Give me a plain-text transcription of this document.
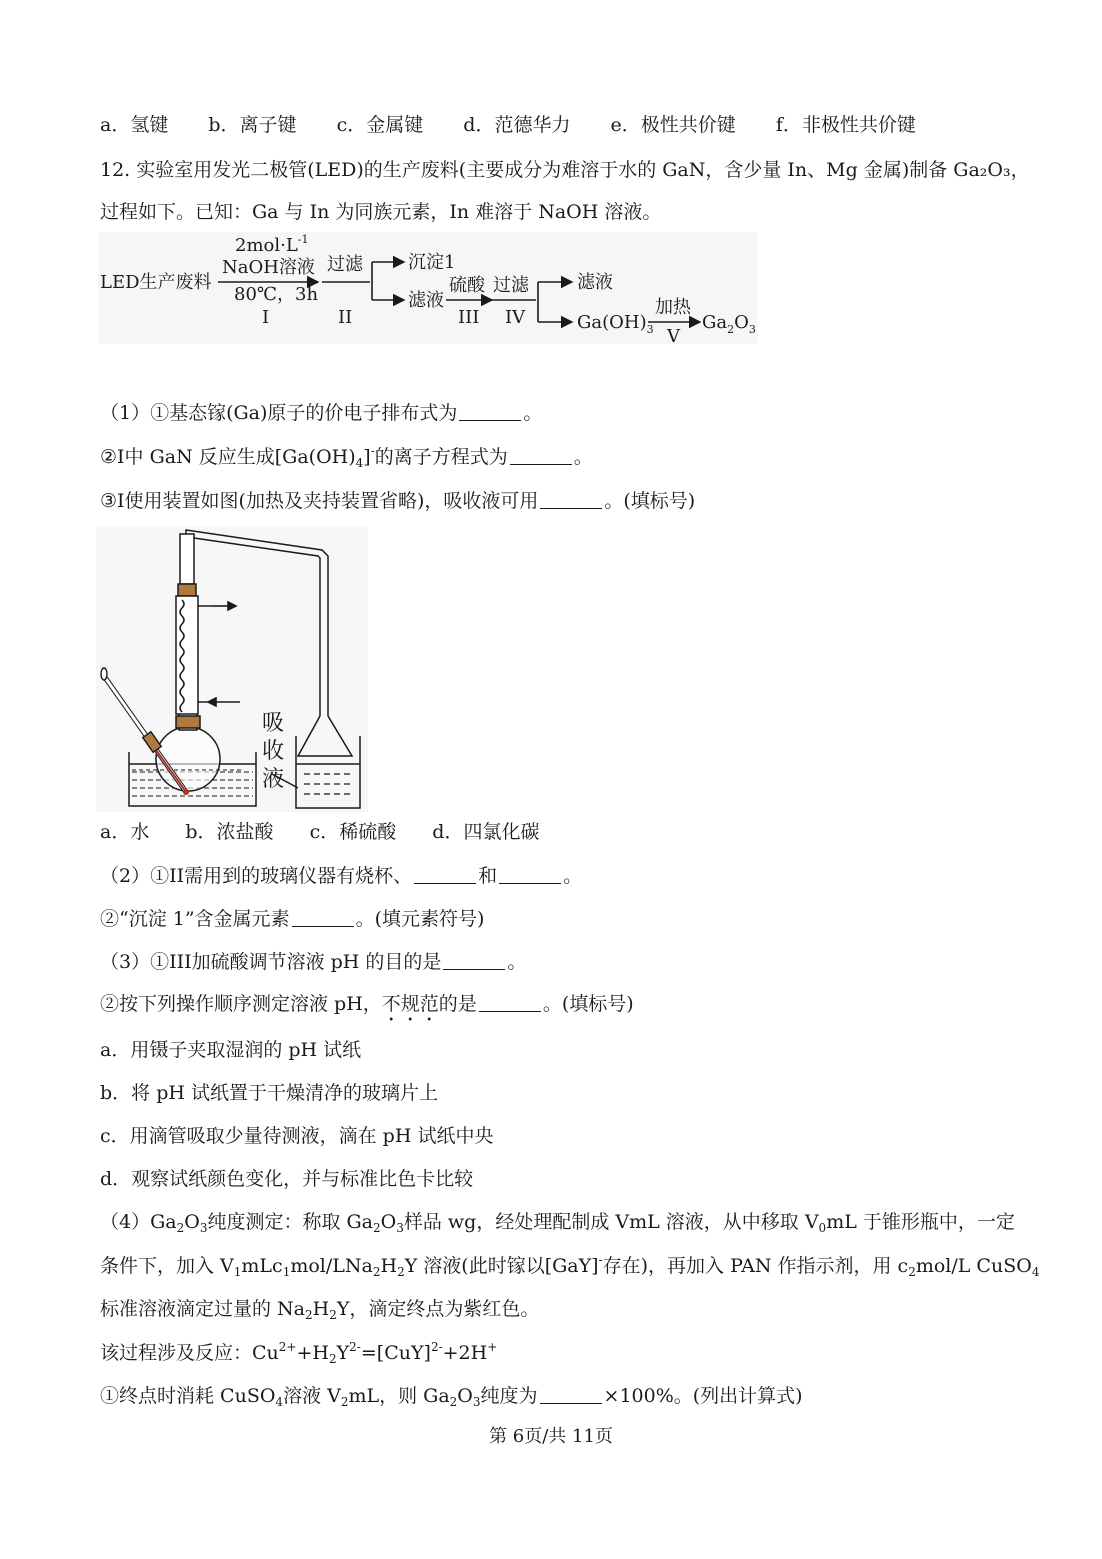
a．氢键 b．离子键 c．金属键 d．范德华力 e．极性共价键 f．非极性共价键
12. 实验室用发光二极管(LED)的生产废料(主要成分为难溶于水的 GaN，含少量 In、Mg 金属)制备 Ga₂O₃，
过程如下。已知：Ga 与 In 为同族元素，In 难溶于 NaOH 溶液。
LED生产废料
$2mol\cdot L^{-1}$
NaOH溶液
80℃，3h
I
过滤
II
沉淀1
滤液
硫酸
III
过滤
IV
滤液
$Ga(OH)_3$
加热
V
$Ga_2O_3$
（1）①基态镓(Ga)原子的价电子排布式为	。
②I中 GaN 反应生成$[Ga(OH)_4]^-$的离子方程式为	。
③I使用装置如图(加热及夹持装置省略)，吸收液可用	。(填标号)
吸
收
液
a．水 b．浓盐酸 c．稀硫酸 d．四氯化碳
（2）①II需用到的玻璃仪器有烧杯、	和	。
②“沉淀 1”含金属元素	。(填元素符号)
（3）①III加硫酸调节溶液 pH 的目的是	。
②按下列操作顺序测定溶液 pH，不规范的是	。(填标号)
a．用镊子夹取湿润的 pH 试纸
b．将 pH 试纸置于干燥清净的玻璃片上
c．用滴管吸取少量待测液，滴在 pH 试纸中央
d．观察试纸颜色变化，并与标准比色卡比较
$(4)Ga_2O_3$纯度测定：称取 $Ga_2O_3$样品 wg，经处理配制成 VmL 溶液，从中移取 $V_0mL$ 于锥形瓶中，一定
条件下，加入 $V_1mLc_1mol/LNa_2H_2Y$ 溶液(此时镓以[GaY]-存在)，再加入 PAN 作指示剂，用 $c_2mol/L$ CuSO$_4$
标准溶液滴定过量的 $Na_2H_2Y$，滴定终点为紫红色。
该过程涉及反应：$Cu^{2+}+H_2Y^{2-}=[CuY]^{2-}+2H^+$
①终点时消耗 CuSO$_4$溶液 $V_2mL$，则 $Ga_2O_3$纯度为	×100%。(列出计算式)
第 6页/共 11页
